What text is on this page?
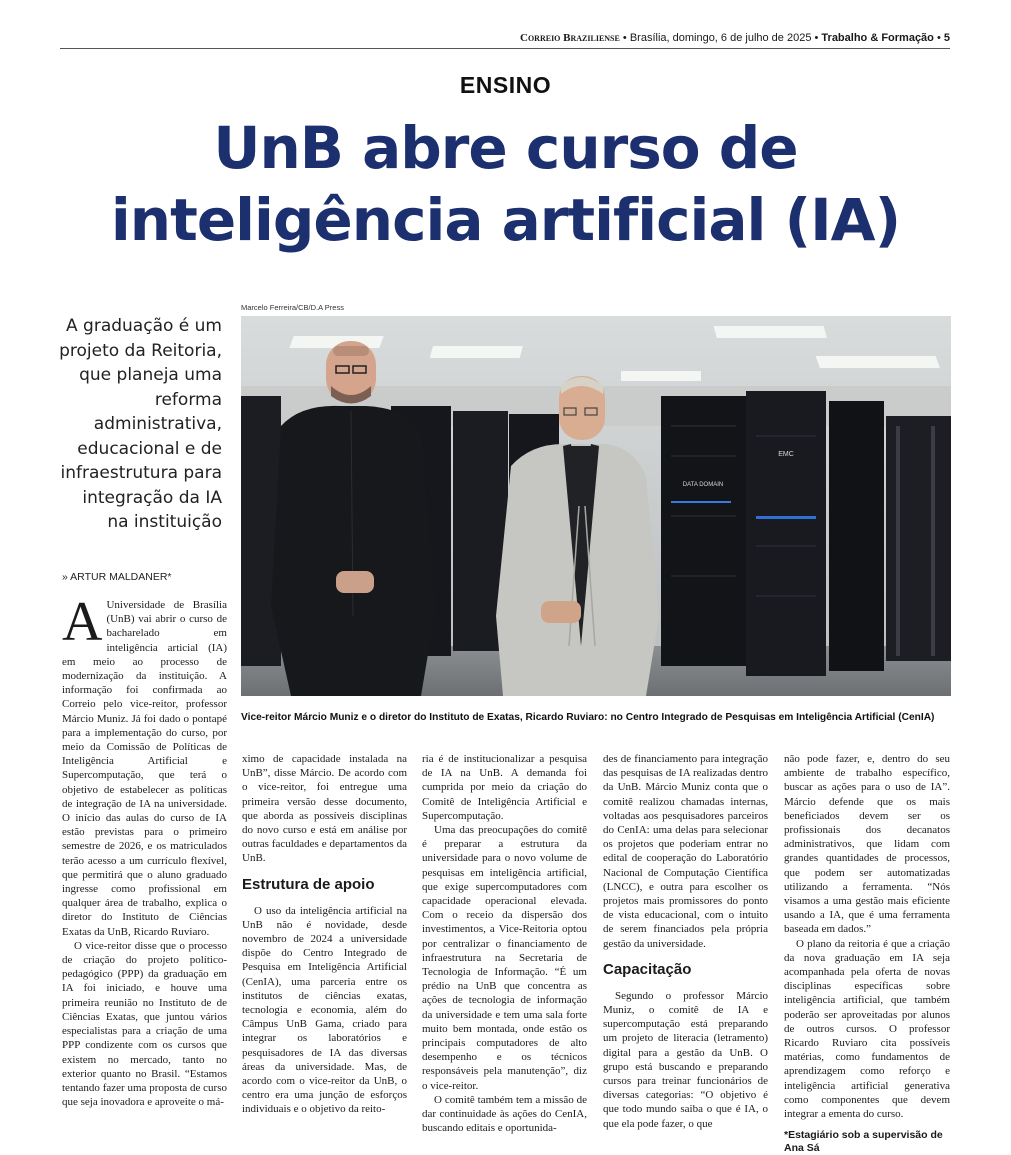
Correio Braziliense • Brasília, domingo, 6 de julho de 2025 • Trabalho & Formação • 5
ENSINO
UnB abre curso de
inteligência artificial (IA)
Marcelo Ferreira/CB/D.A Press
DATA DOMAIN
EMC
Vice-reitor Márcio Muniz e o diretor do Instituto de Exatas, Ricardo Ruviaro: no Centro Integrado de Pesquisas em Inteligência Artificial (CenIA)
A graduação é um projeto da Reitoria, que planeja uma reforma administrativa, educacional e de infraestrutura para integração da IA na instituição
» ARTUR MALDANER*

A Universidade de Brasília (UnB) vai abrir o curso de bacharelado em inteligência articial (IA) em meio ao processo de modernização da instituição. A informação foi confirmada ao Correio pelo vice-reitor, professor Márcio Muniz. Já foi dado o pontapé para a implementação do curso, por meio da Comissão de Políticas de Inteligência Artificial e Supercomputação, que terá o objetivo de estabelecer as políticas de integração de IA na universidade. O início das aulas do curso de IA estão previstas para o primeiro semestre de 2026, e os matriculados terão acesso a um currículo flexível, que permitirá que o aluno graduado ingresse como profissional em qualquer área de trabalho, explica o diretor do Instituto de Ciências Exatas da UnB, Ricardo Ruviaro.

O vice-reitor disse que o processo de criação do projeto político-pedagógico (PPP) da graduação em IA foi iniciado, e houve uma primeira reunião no Instituto de de Ciências Exatas, que juntou vários especialistas para a criação de uma PPP condizente com os cursos que existem no mercado, tanto no exterior quanto no Brasil. “Estamos tentando fazer uma proposta de curso que seja inovadora e aproveite o má-

ximo de capacidade instalada na UnB”, disse Márcio. De acordo com o vice-reitor, foi entregue uma primeira versão desse documento, que aborda as possíveis disciplinas do novo curso e está em análise por outras faculdades e departamentos da UnB.

Estrutura de apoio

O uso da inteligência artificial na UnB não é novidade, desde novembro de 2024 a universidade dispõe do Centro Integrado de Pesquisa em Inteligência Artificial (CenIA), uma parceria entre os institutos de ciências exatas, tecnologia e economia, além do Câmpus UnB Gama, criado para integrar os laboratórios e pesquisadores de IA das diversas áreas da universidade. Mas, de acordo com o vice-reitor da UnB, o centro era uma junção de esforços individuais e o objetivo da reito-

ria é de institucionalizar a pesquisa de IA na UnB. A demanda foi cumprida por meio da criação do Comitê de Inteligência Artificial e Supercomputação.

Uma das preocupações do comitê é preparar a estrutura da universidade para o novo volume de pesquisas em inteligência artificial, que exige supercomputadores com capacidade operacional elevada. Com o receio da dispersão dos investimentos, a Vice-Reitoria optou por centralizar o financiamento de infraestrutura na Secretaria de Tecnologia de Informação. “É um prédio na UnB que concentra as ações de tecnologia de informação da universidade e tem uma sala forte muito bem montada, onde estão os principais computadores de alto desempenho e os técnicos responsáveis pela manutenção”, diz o vice-reitor.

O comitê também tem a missão de dar continuidade às ações do CenIA, buscando editais e oportunida-

des de financiamento para integração das pesquisas de IA realizadas dentro da UnB. Márcio Muniz conta que o comitê realizou chamadas internas, voltadas aos pesquisadores parceiros do CenIA: uma delas para selecionar os projetos que poderiam entrar no edital de cooperação do Laboratório Nacional de Computação Científica (LNCC), e outra para escolher os projetos mais promissores do ponto de vista educacional, com o intuito de serem financiados pela própria gestão da universidade.

Capacitação

Segundo o professor Márcio Muniz, o comitê de IA e supercomputação está preparando um projeto de literacia (letramento) digital para a gestão da UnB. O grupo está buscando e preparando cursos para treinar funcionários de diversas categorias: “O objetivo é que todo mundo saiba o que é IA, o que ela pode fazer, o que

não pode fazer, e, dentro do seu ambiente de trabalho específico, buscar as ações para o uso de IA”. Márcio defende que os mais beneficiados devem ser os profissionais dos decanatos administrativos, que lidam com grandes quantidades de processos, que podem ser automatizadas utilizando a ferramenta. “Nós visamos a uma gestão mais eficiente usando a IA, que é uma ferramenta baseada em dados.”

O plano da reitoria é que a criação da nova graduação em IA seja acompanhada pela oferta de novas disciplinas específicas sobre inteligência artificial, que também poderão ser aproveitadas por alunos de outros cursos. O professor Ricardo Ruviaro cita possíveis matérias, como fundamentos de aprendizagem como reforço e inteligência artificial generativa como componentes que devem integrar a ementa do curso.

*Estagiário sob a supervisão de Ana Sá
